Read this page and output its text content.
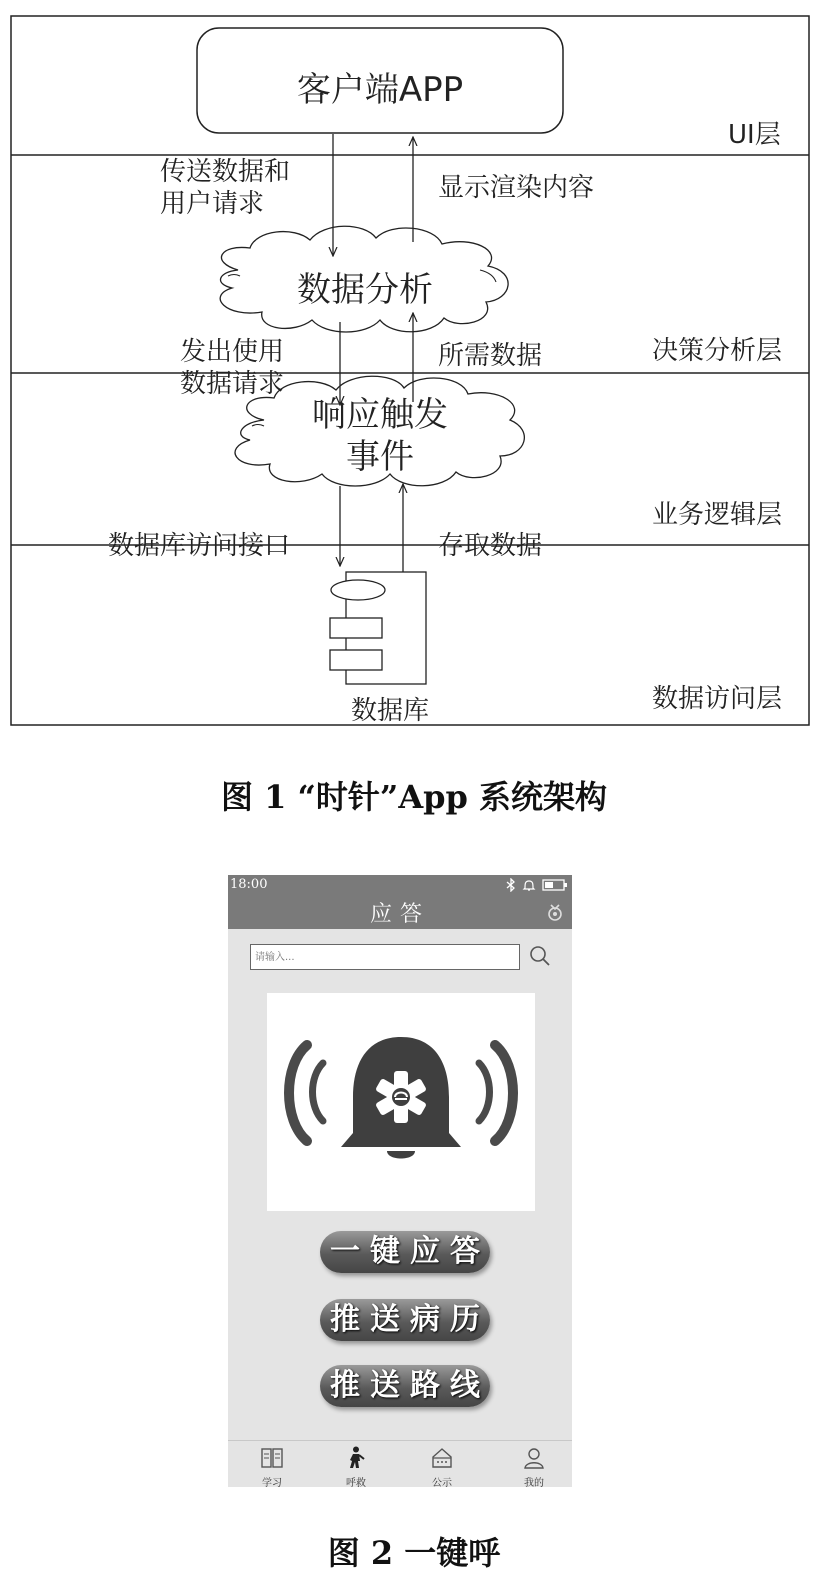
客户端APP
数据分析
响应触发
事件
数据库
UI层
决策分析层
业务逻辑层
数据访问层
传送数据和
用户请求
显示渲染内容
发出使用
数据请求
所需数据
数据库访问接口	存取数据
图 1 “时针”App 系统架构
18:00
应答
请输入...
一键应答
推送病历
推送路线
学习	呼救	公示	我的
图 2 一键呼
